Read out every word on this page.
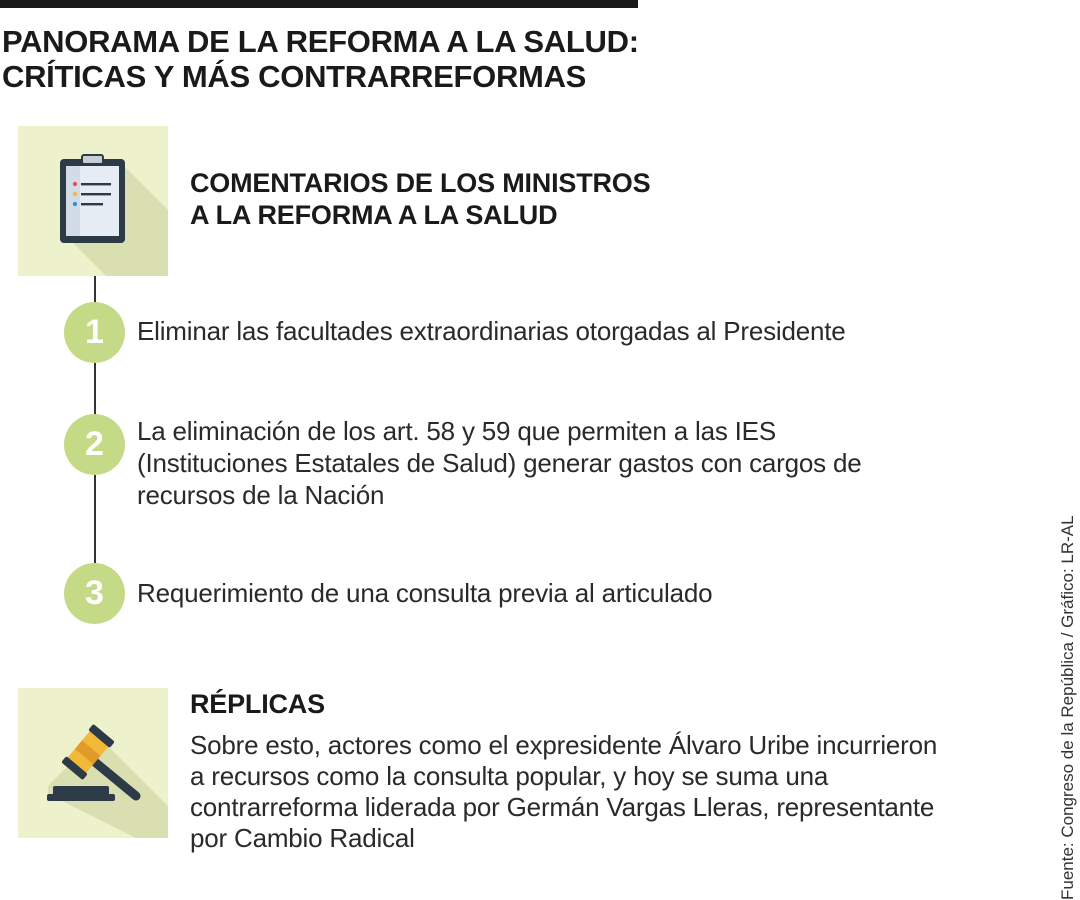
PANORAMA DE LA REFORMA A LA SALUD:
CRÍTICAS Y MÁS CONTRARREFORMAS
COMENTARIOS DE LOS MINISTROS
A LA REFORMA A LA SALUD
1	Eliminar las facultades extraordinarias otorgadas al Presidente

2	La eliminación de los art. 58 y 59 que permiten a las IES
(Instituciones Estatales de Salud) generar gastos con cargos de
recursos de la Nación

3	Requerimiento de una consulta previa al articulado

RÉPLICAS

Sobre esto, actores como el expresidente Álvaro Uribe incurrieron
a recursos como la consulta popular, y hoy se suma una
contrarreforma liderada por Germán Vargas Lleras, representante
por Cambio Radical	Fuente: Congreso de la República / Gráfico: LR-AL
